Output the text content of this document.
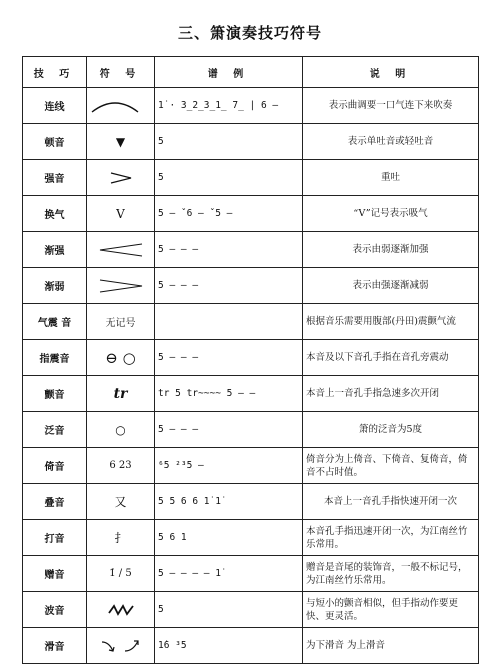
三、箫演奏技巧符号
技 巧	符 号	谱 例	说 明
连线		1̇ · 3̲2̲3̲1̲ 7̲ | 6 —	表示曲调要一口气连下来吹奏
顿音	▼	5	表示单吐音或轻吐音
强音		5	重吐
换气	V	5 — ˇ6 — ˇ5 —	“V”记号表示吸气
渐强		5 — — —	表示由弱逐渐加强
渐弱		5 — — —	表示由强逐渐减弱
气震 音	无记号		根据音乐需要用腹部(丹田)震颤气流
指震音	⊖ ○	5 — — —	本音及以下音孔手指在音孔旁震动
颤音	tr	tr 5 tr~~~~ 5 — —	本音上一音孔手指急速多次开闭
泛音	○	5 — — —	箫的泛音为5度
倚音	6 23	⁶5 ²³5 —	倚音分为上倚音、下倚音、复倚音，倚音不占时值。
叠音	又	5 5 6 6 1̇ 1̇	本音上一音孔手指快速开闭一次
打音	扌	5 6 1	本音孔手指迅速开闭一次，为江南丝竹乐常用。
赠音	1̇ / 5	5 — — — — 1̇	赠音是音尾的装饰音，一般不标记号，为江南丝竹乐常用。
波音		5	与短小的颤音相似，但手指动作要更快、更灵活。
滑音		1̇6 ³5	为下滑音 为上滑音
